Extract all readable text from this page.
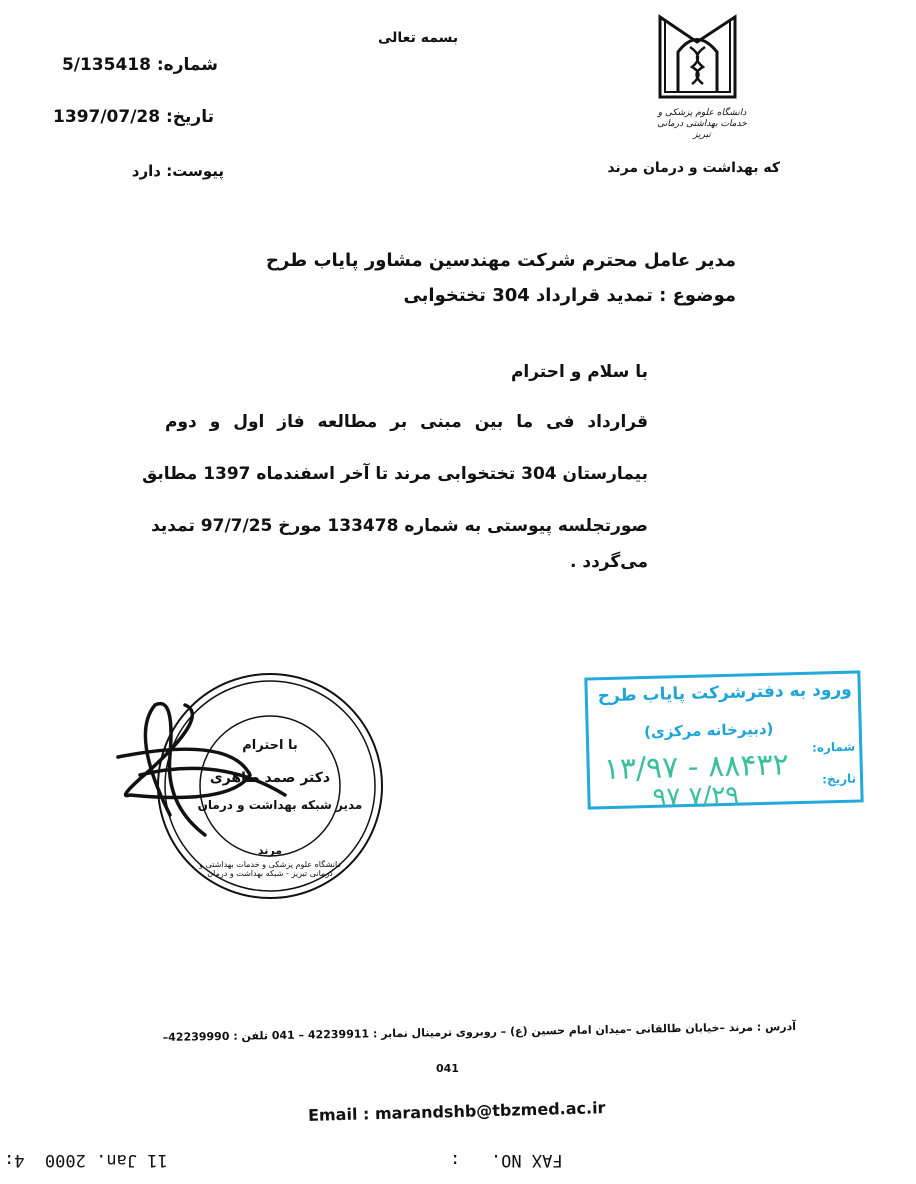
دانشگاه علوم پزشکی و خدمات بهداشتی درمانی تبریز
که بهداشت و درمان مرند
بسمه تعالی
شماره: 5/135418
تاریخ: 1397/07/28
پیوست: دارد
مدیر عامل محترم شرکت مهندسین مشاور پایاب طرح
موضوع : تمدید قرارداد 304 تختخوابی
با سلام و احترام
قرارداد فی ما بین مبنی بر مطالعه فاز اول و دوم
بیمارستان 304 تختخوابی مرند تا آخر اسفندماه 1397 مطابق
صورتجلسه پیوستی به شماره 133478 مورخ 97/7/25 تمدید
می‌گردد .
با احترام
دکتر صمد طاهری
مدیر شبکه بهداشت و درمان
مرند
دانشگاه علوم پزشکی و خدمات بهداشتی و درمانی تبریز - شبکه بهداشت و درمان
ورود به دفترشرکت پایاب طرح
(دبیرخانه مرکزی)
شماره:
تاریخ:
۱۳/۹۷ - ۸۸۴۳۲
۹۷ ۷/۲۹
آدرس : مرند –خیابان طالقانی –میدان امام حسین (ع) – روبروی ترمینال نمابر : 42239911 – 041 تلفن : 42239990–
041
Email : marandshb@tbzmed.ac.ir
FAX NO.   :
11 Jan. 2000  4:
